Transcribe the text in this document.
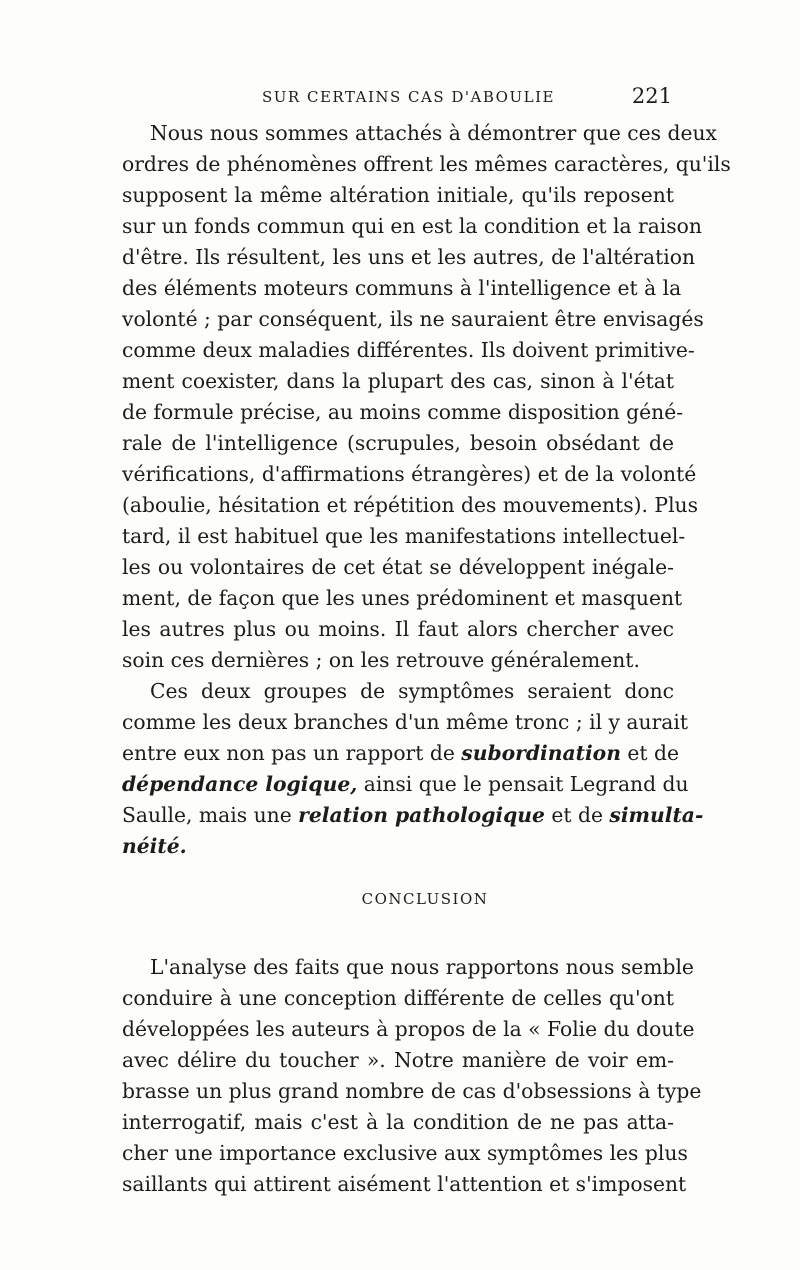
SUR CERTAINS CAS D'ABOULIE	221

Nous nous sommes attachés à démontrer que ces deux
ordres de phénomènes offrent les mêmes caractères, qu'ils
supposent la même altération initiale, qu'ils reposent
sur un fonds commun qui en est la condition et la raison
d'être. Ils résultent, les uns et les autres, de l'altération
des éléments moteurs communs à l'intelligence et à la
volonté ; par conséquent, ils ne sauraient être envisagés
comme deux maladies différentes. Ils doivent primitive-
ment coexister, dans la plupart des cas, sinon à l'état
de formule précise, au moins comme disposition géné-
rale de l'intelligence (scrupules, besoin obsédant de
vérifications, d'affirmations étrangères) et de la volonté
(aboulie, hésitation et répétition des mouvements). Plus
tard, il est habituel que les manifestations intellectuel-
les ou volontaires de cet état se développent inégale-
ment, de façon que les unes prédominent et masquent
les autres plus ou moins. Il faut alors chercher avec
soin ces dernières ; on les retrouve généralement.

Ces deux groupes de symptômes seraient donc
comme les deux branches d'un même tronc ; il y aurait
entre eux non pas un rapport de subordination et de
dépendance logique, ainsi que le pensait Legrand du
Saulle, mais une relation pathologique et de simulta-
néité.

CONCLUSION

L'analyse des faits que nous rapportons nous semble
conduire à une conception différente de celles qu'ont
développées les auteurs à propos de la « Folie du doute
avec délire du toucher ». Notre manière de voir em-
brasse un plus grand nombre de cas d'obsessions à type
interrogatif, mais c'est à la condition de ne pas atta-
cher une importance exclusive aux symptômes les plus
saillants qui attirent aisément l'attention et s'imposent
